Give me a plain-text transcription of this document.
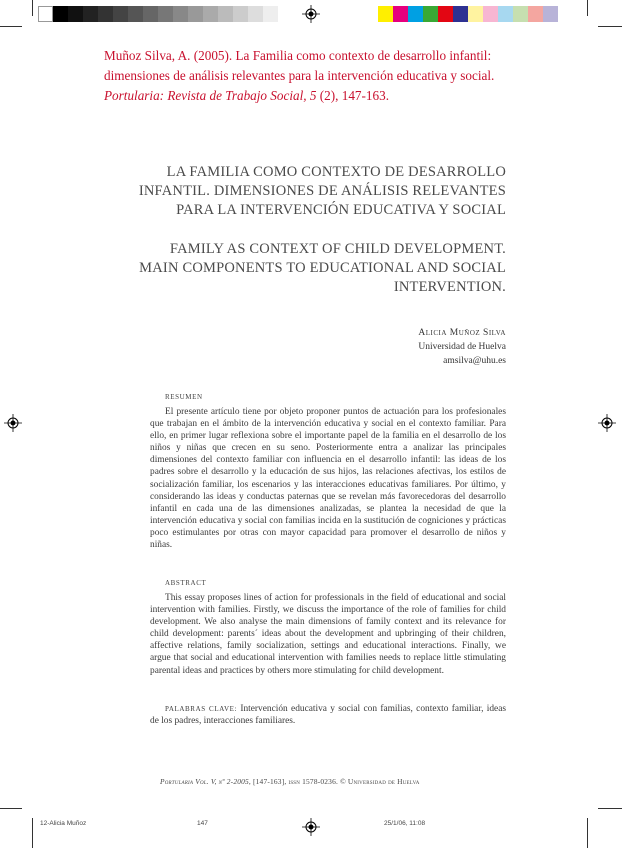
Muñoz Silva, A. (2005). La Familia como contexto de desarrollo infantil: dimensiones de análisis relevantes para la intervención educativa y social. Portularia: Revista de Trabajo Social, 5 (2), 147-163.
LA FAMILIA COMO CONTEXTO DE DESARROLLO
INFANTIL. DIMENSIONES DE ANÁLISIS RELEVANTES
PARA LA INTERVENCIÓN EDUCATIVA Y SOCIAL
FAMILY AS CONTEXT OF CHILD DEVELOPMENT.
MAIN COMPONENTS TO EDUCATIONAL AND SOCIAL
INTERVENTION.
Alicia Muñoz Silva
Universidad de Huelva
amsilva@uhu.es
RESUMEN
El presente artículo tiene por objeto proponer puntos de actuación para los profesionales que trabajan en el ámbito de la intervención educativa y social en el contexto familiar. Para ello, en primer lugar reflexiona sobre el importante papel de la familia en el desarrollo de los niños y niñas que crecen en su seno. Posteriormente entra a analizar las principales dimensiones del contexto familiar con influencia en el desarrollo infantil: las ideas de los padres sobre el desarrollo y la educación de sus hijos, las relaciones afectivas, los estilos de socialización familiar, los escenarios y las interacciones educativas familiares. Por último, y considerando las ideas y conductas paternas que se revelan más favorecedoras del desarrollo infantil en cada una de las dimensiones analizadas, se plantea la necesidad de que la intervención educativa y social con familias incida en la sustitución de cogniciones y prácticas poco estimulantes por otras con mayor capacidad para promover el desarrollo de niños y niñas.
ABSTRACT
This essay proposes lines of action for professionals in the field of educational and social intervention with families. Firstly, we discuss the importance of the role of families for child development. We also analyse the main dimensions of family context and its relevance for child development: parents´ ideas about the development and upbringing of their children, affective relations, family socialization, settings and educational interactions. Finally, we argue that social and educational intervention with families needs to replace little stimulating parental ideas and practices by others more stimulating for child development.
PALABRAS CLAVE: Intervención educativa y social con familias, contexto familiar, ideas de los padres, interacciones familiares.
Portularia Vol. V, nº 2-2005, [147-163], issn 1578-0236. © Universidad de Huelva
12-Alicia Muñoz	147	25/1/06, 11:08
